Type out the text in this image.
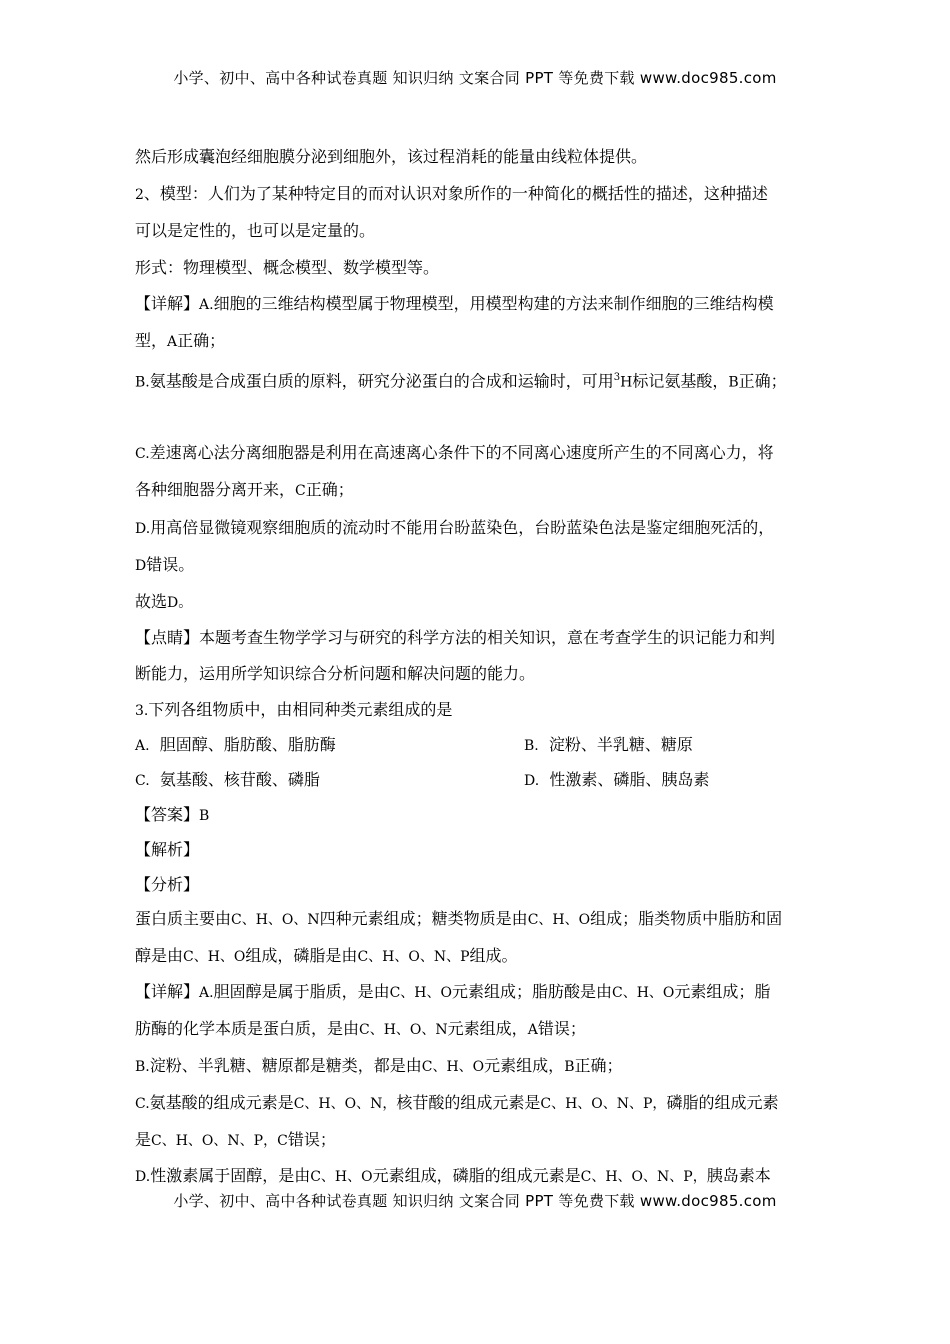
小学、初中、高中各种试卷真题 知识归纳 文案合同 PPT 等免费下载 www.doc985.com
然后形成囊泡经细胞膜分泌到细胞外，该过程消耗的能量由线粒体提供。
2、模型：人们为了某种特定目的而对认识对象所作的一种简化的概括性的描述，这种描述
可以是定性的，也可以是定量的。
形式：物理模型、概念模型、数学模型等。
【详解】A.细胞的三维结构模型属于物理模型，用模型构建的方法来制作细胞的三维结构模
型，A正确；
B.氨基酸是合成蛋白质的原料，研究分泌蛋白的合成和运输时，可用$^3$H标记氨基酸，B正确；
C.差速离心法分离细胞器是利用在高速离心条件下的不同离心速度所产生的不同离心力，将
各种细胞器分离开来，C正确；
D.用高倍显微镜观察细胞质的流动时不能用台盼蓝染色，台盼蓝染色法是鉴定细胞死活的，
D错误。
故选D。
【点睛】本题考查生物学学习与研究的科学方法的相关知识，意在考查学生的识记能力和判
断能力，运用所学知识综合分析问题和解决问题的能力。
3.下列各组物质中，由相同种类元素组成的是
A. 胆固醇、脂肪酸、脂肪酶	B. 淀粉、半乳糖、糖原
C. 氨基酸、核苷酸、磷脂	D. 性激素、磷脂、胰岛素
【答案】B
【解析】
【分析】
蛋白质主要由C、H、O、N四种元素组成；糖类物质是由C、H、O组成；脂类物质中脂肪和固
醇是由C、H、O组成，磷脂是由C、H、O、N、P组成。
【详解】A.胆固醇是属于脂质，是由C、H、O元素组成；脂肪酸是由C、H、O元素组成；脂
肪酶的化学本质是蛋白质，是由C、H、O、N元素组成，A错误；
B.淀粉、半乳糖、糖原都是糖类，都是由C、H、O元素组成，B正确；
C.氨基酸的组成元素是C、H、O、N，核苷酸的组成元素是C、H、O、N、P，磷脂的组成元素
是C、H、O、N、P，C错误；
D.性激素属于固醇，是由C、H、O元素组成，磷脂的组成元素是C、H、O、N、P，胰岛素本
小学、初中、高中各种试卷真题 知识归纳 文案合同 PPT 等免费下载 www.doc985.com
